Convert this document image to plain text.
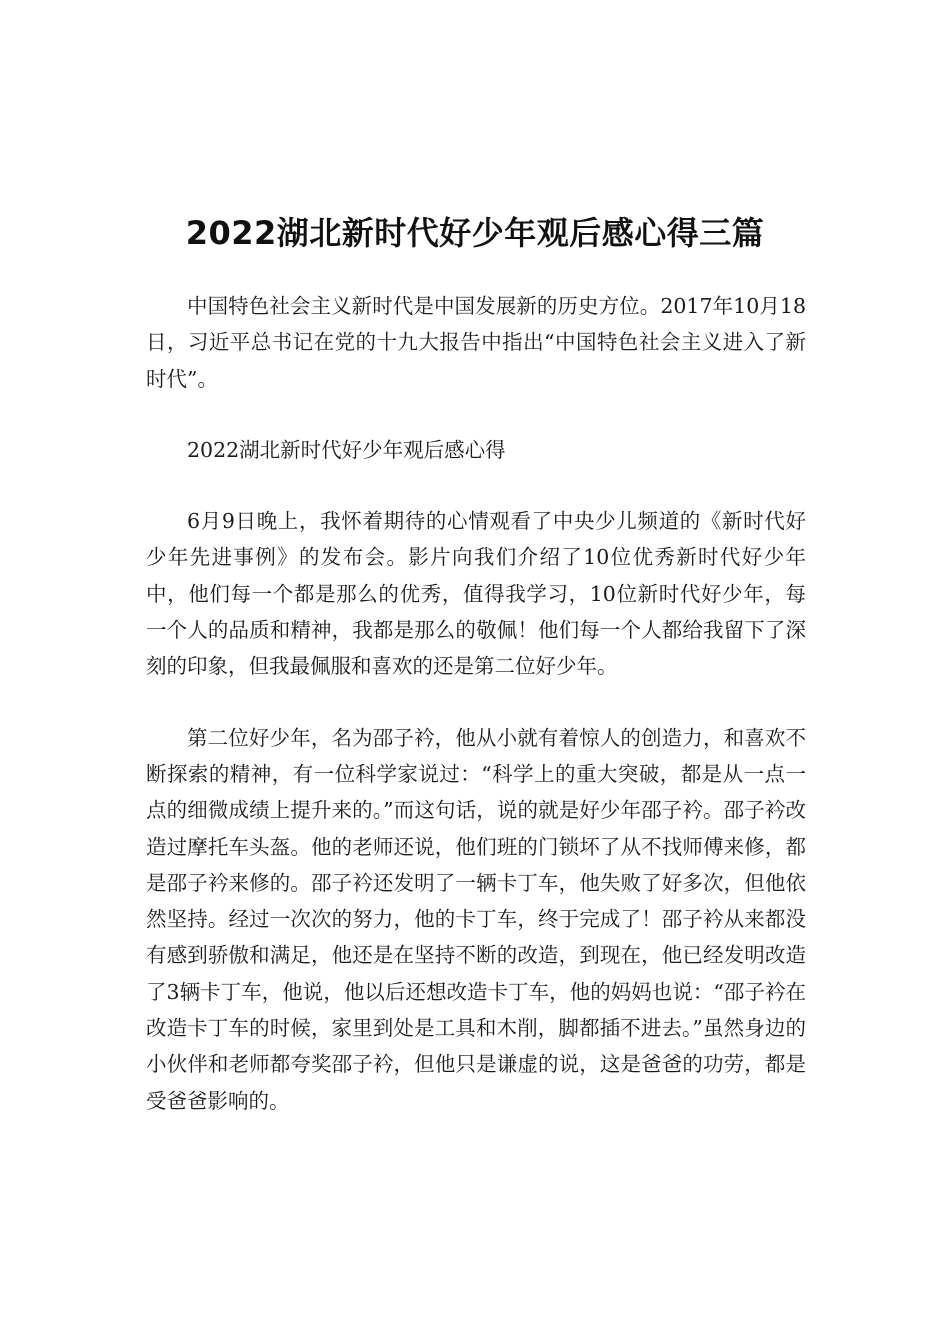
2022湖北新时代好少年观后感心得三篇

中国特色社会主义新时代是中国发展新的历史方位。2017年10月18日，习近平总书记在党的十九大报告中指出“中国特色社会主义进入了新时代”。

2022湖北新时代好少年观后感心得

6月9日晚上，我怀着期待的心情观看了中央少儿频道的《新时代好少年先进事例》的发布会。影片向我们介绍了10位优秀新时代好少年中，他们每一个都是那么的优秀，值得我学习，10位新时代好少年，每一个人的品质和精神，我都是那么的敬佩！他们每一个人都给我留下了深刻的印象，但我最佩服和喜欢的还是第二位好少年。

第二位好少年，名为邵子衿，他从小就有着惊人的创造力，和喜欢不断探索的精神，有一位科学家说过：“科学上的重大突破，都是从一点一点的细微成绩上提升来的。”而这句话，说的就是好少年邵子衿。邵子衿改造过摩托车头盔。他的老师还说，他们班的门锁坏了从不找师傅来修，都是邵子衿来修的。邵子衿还发明了一辆卡丁车，他失败了好多次，但他依然坚持。经过一次次的努力，他的卡丁车，终于完成了！邵子衿从来都没有感到骄傲和满足，他还是在坚持不断的改造，到现在，他已经发明改造了3辆卡丁车，他说，他以后还想改造卡丁车，他的妈妈也说：“邵子衿在改造卡丁车的时候，家里到处是工具和木削，脚都插不进去。”虽然身边的小伙伴和老师都夸奖邵子衿，但他只是谦虚的说，这是爸爸的功劳，都是受爸爸影响的。
